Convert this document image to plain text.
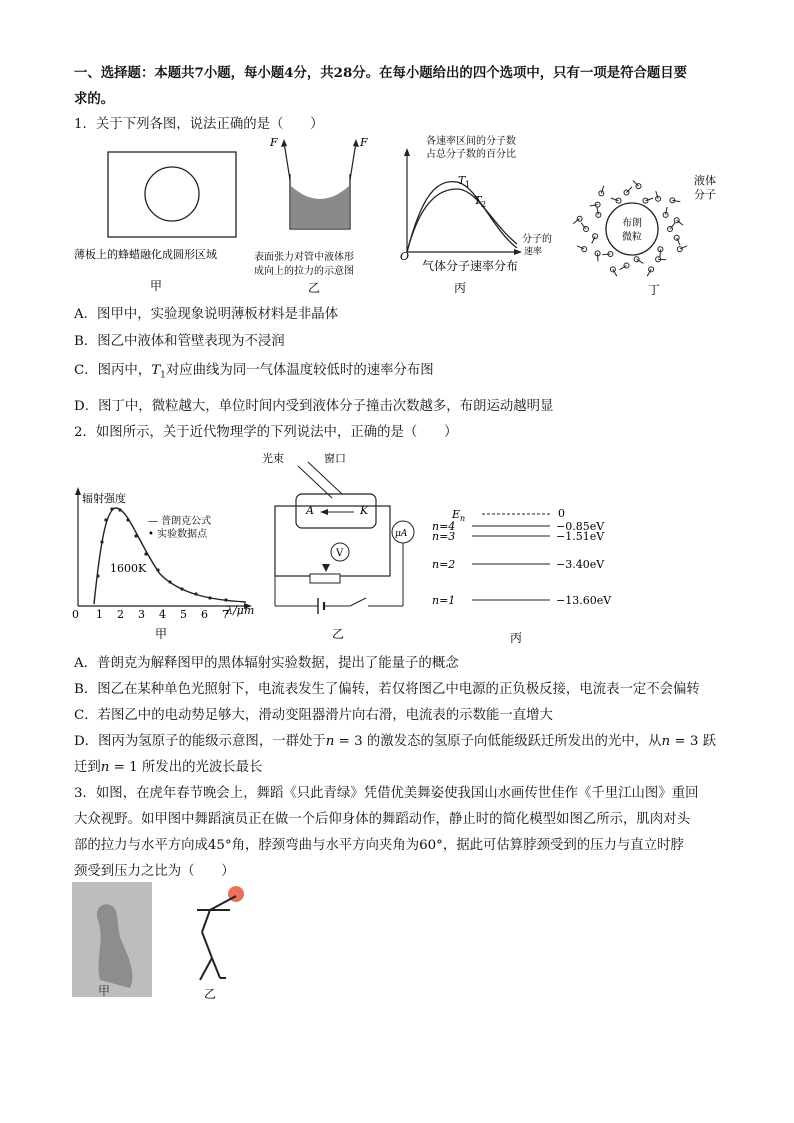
一、选择题：本题共7小题，每小题4分，共28分。在每小题给出的四个选项中，只有一项是符合题目要
求的。
1．关于下列各图，说法正确的是（　　）
薄板上的蜂蜡融化成圆形区域
甲
F	F
表面张力对管中液体形
成向上的拉力的示意图
乙
各速率区间的分子数
占总分子数的百分比
T 1
T 2
分子的
速率
O
气体分子速率分布
丙
布朗
微粒
液体
分子
丁
A．图甲中，实验现象说明薄板材料是非晶体
B．图乙中液体和管壁表现为不浸润
C．图丙中，$T_1$对应曲线为同一气体温度较低时的速率分布图
D．图丁中，微粒越大，单位时间内受到液体分子撞击次数越多，布朗运动越明显
2．如图所示，关于近代物理学的下列说法中，正确的是（　　）
辐射强度
— 普朗克公式
• 实验数据点
1600K
0 1 2 3 4 5 6 7
λ/μm
甲
光束	窗口
A	K
μA
V
乙
E n	0
n=4	−0.85eV
n=3	−1.51eV
n=2	−3.40eV
n=1	−13.60eV
丙
A．普朗克为解释图甲的黑体辐射实验数据，提出了能量子的概念
B．图乙在某种单色光照射下，电流表发生了偏转，若仅将图乙中电源的正负极反接，电流表一定不会偏转
C．若图乙中的电动势足够大，滑动变阻器滑片向右滑，电流表的示数能一直增大
D．图丙为氢原子的能级示意图，一群处于n = 3 的激发态的氢原子向低能级跃迁所发出的光中，从n = 3 跃
迁到n = 1 所发出的光波长最长
3．如图，在虎年春节晚会上，舞蹈《只此青绿》凭借优美舞姿使我国山水画传世佳作《千里江山图》重回
大众视野。如甲图中舞蹈演员正在做一个后仰身体的舞蹈动作，静止时的简化模型如图乙所示，肌肉对头
部的拉力与水平方向成45°角，脖颈弯曲与水平方向夹角为60°，据此可估算脖颈受到的压力与直立时脖
颈受到压力之比为（　　）
甲	乙
